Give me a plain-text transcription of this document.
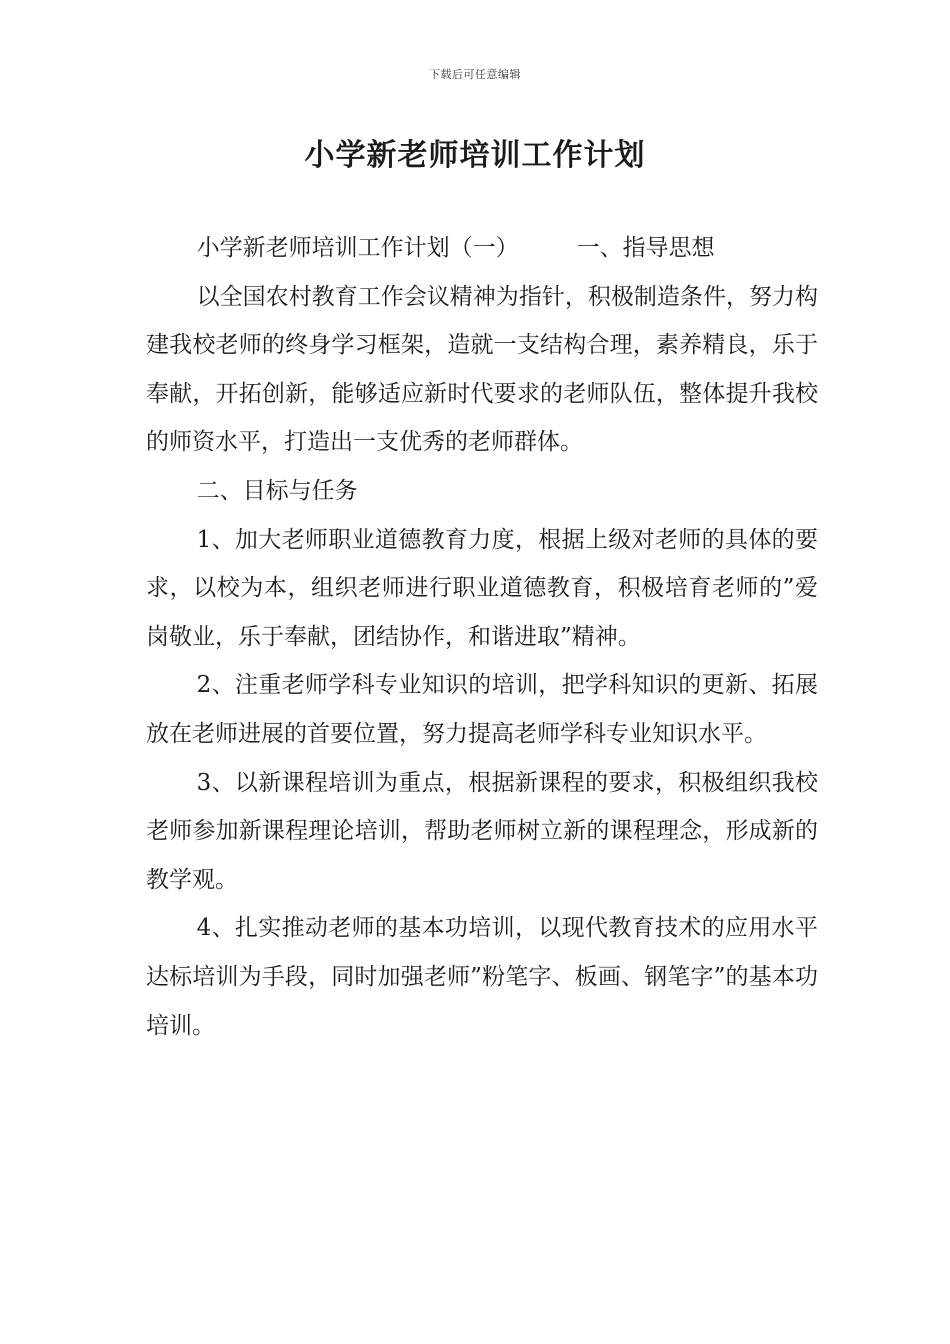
下载后可任意编辑
小学新老师培训工作计划
小学新老师培训工作计划（一）	一、指导思想

以全国农村教育工作会议精神为指针，积极制造条件，努力构建我校老师的终身学习框架，造就一支结构合理，素养精良，乐于奉献，开拓创新，能够适应新时代要求的老师队伍，整体提升我校的师资水平，打造出一支优秀的老师群体。

二、目标与任务

1、加大老师职业道德教育力度，根据上级对老师的具体的要求，以校为本，组织老师进行职业道德教育，积极培育老师的”爱岗敬业，乐于奉献，团结协作，和谐进取”精神。

2、注重老师学科专业知识的培训，把学科知识的更新、拓展放在老师进展的首要位置，努力提高老师学科专业知识水平。

3、以新课程培训为重点，根据新课程的要求，积极组织我校老师参加新课程理论培训，帮助老师树立新的课程理念，形成新的教学观。

4、扎实推动老师的基本功培训，以现代教育技术的应用水平达标培训为手段，同时加强老师”粉笔字、板画、钢笔字”的基本功培训。
